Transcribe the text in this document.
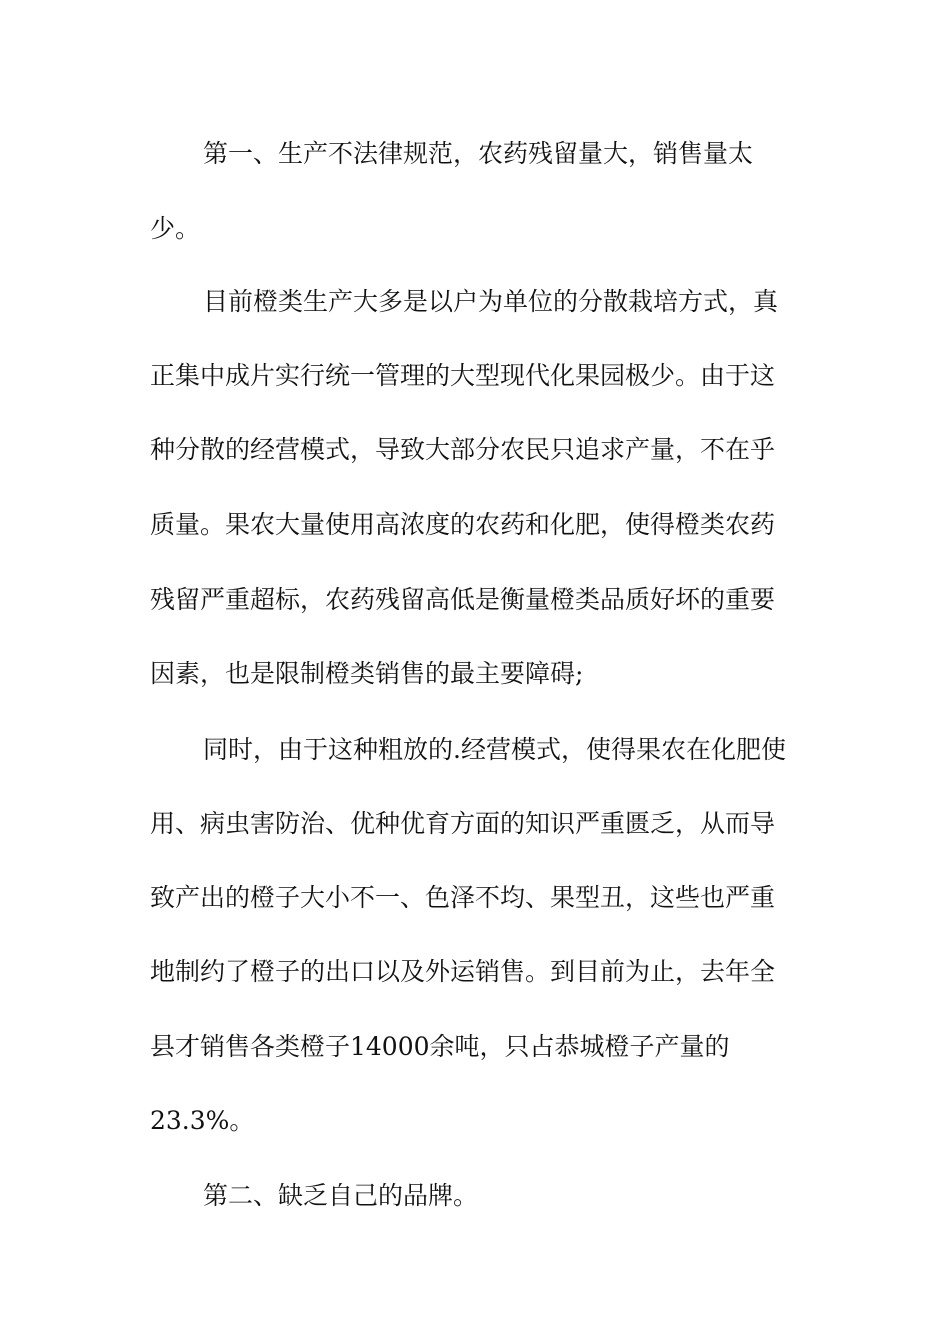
第一、生产不法律规范，农药残留量大，销售量太
少。
目前橙类生产大多是以户为单位的分散栽培方式，真
正集中成片实行统一管理的大型现代化果园极少。由于这
种分散的经营模式，导致大部分农民只追求产量，不在乎
质量。果农大量使用高浓度的农药和化肥，使得橙类农药
残留严重超标，农药残留高低是衡量橙类品质好坏的重要
因素，也是限制橙类销售的最主要障碍;
同时，由于这种粗放的.经营模式，使得果农在化肥使
用、病虫害防治、优种优育方面的知识严重匮乏，从而导
致产出的橙子大小不一、色泽不均、果型丑，这些也严重
地制约了橙子的出口以及外运销售。到目前为止，去年全
县才销售各类橙子14000余吨，只占恭城橙子产量的
23.3%。
第二、缺乏自己的品牌。
